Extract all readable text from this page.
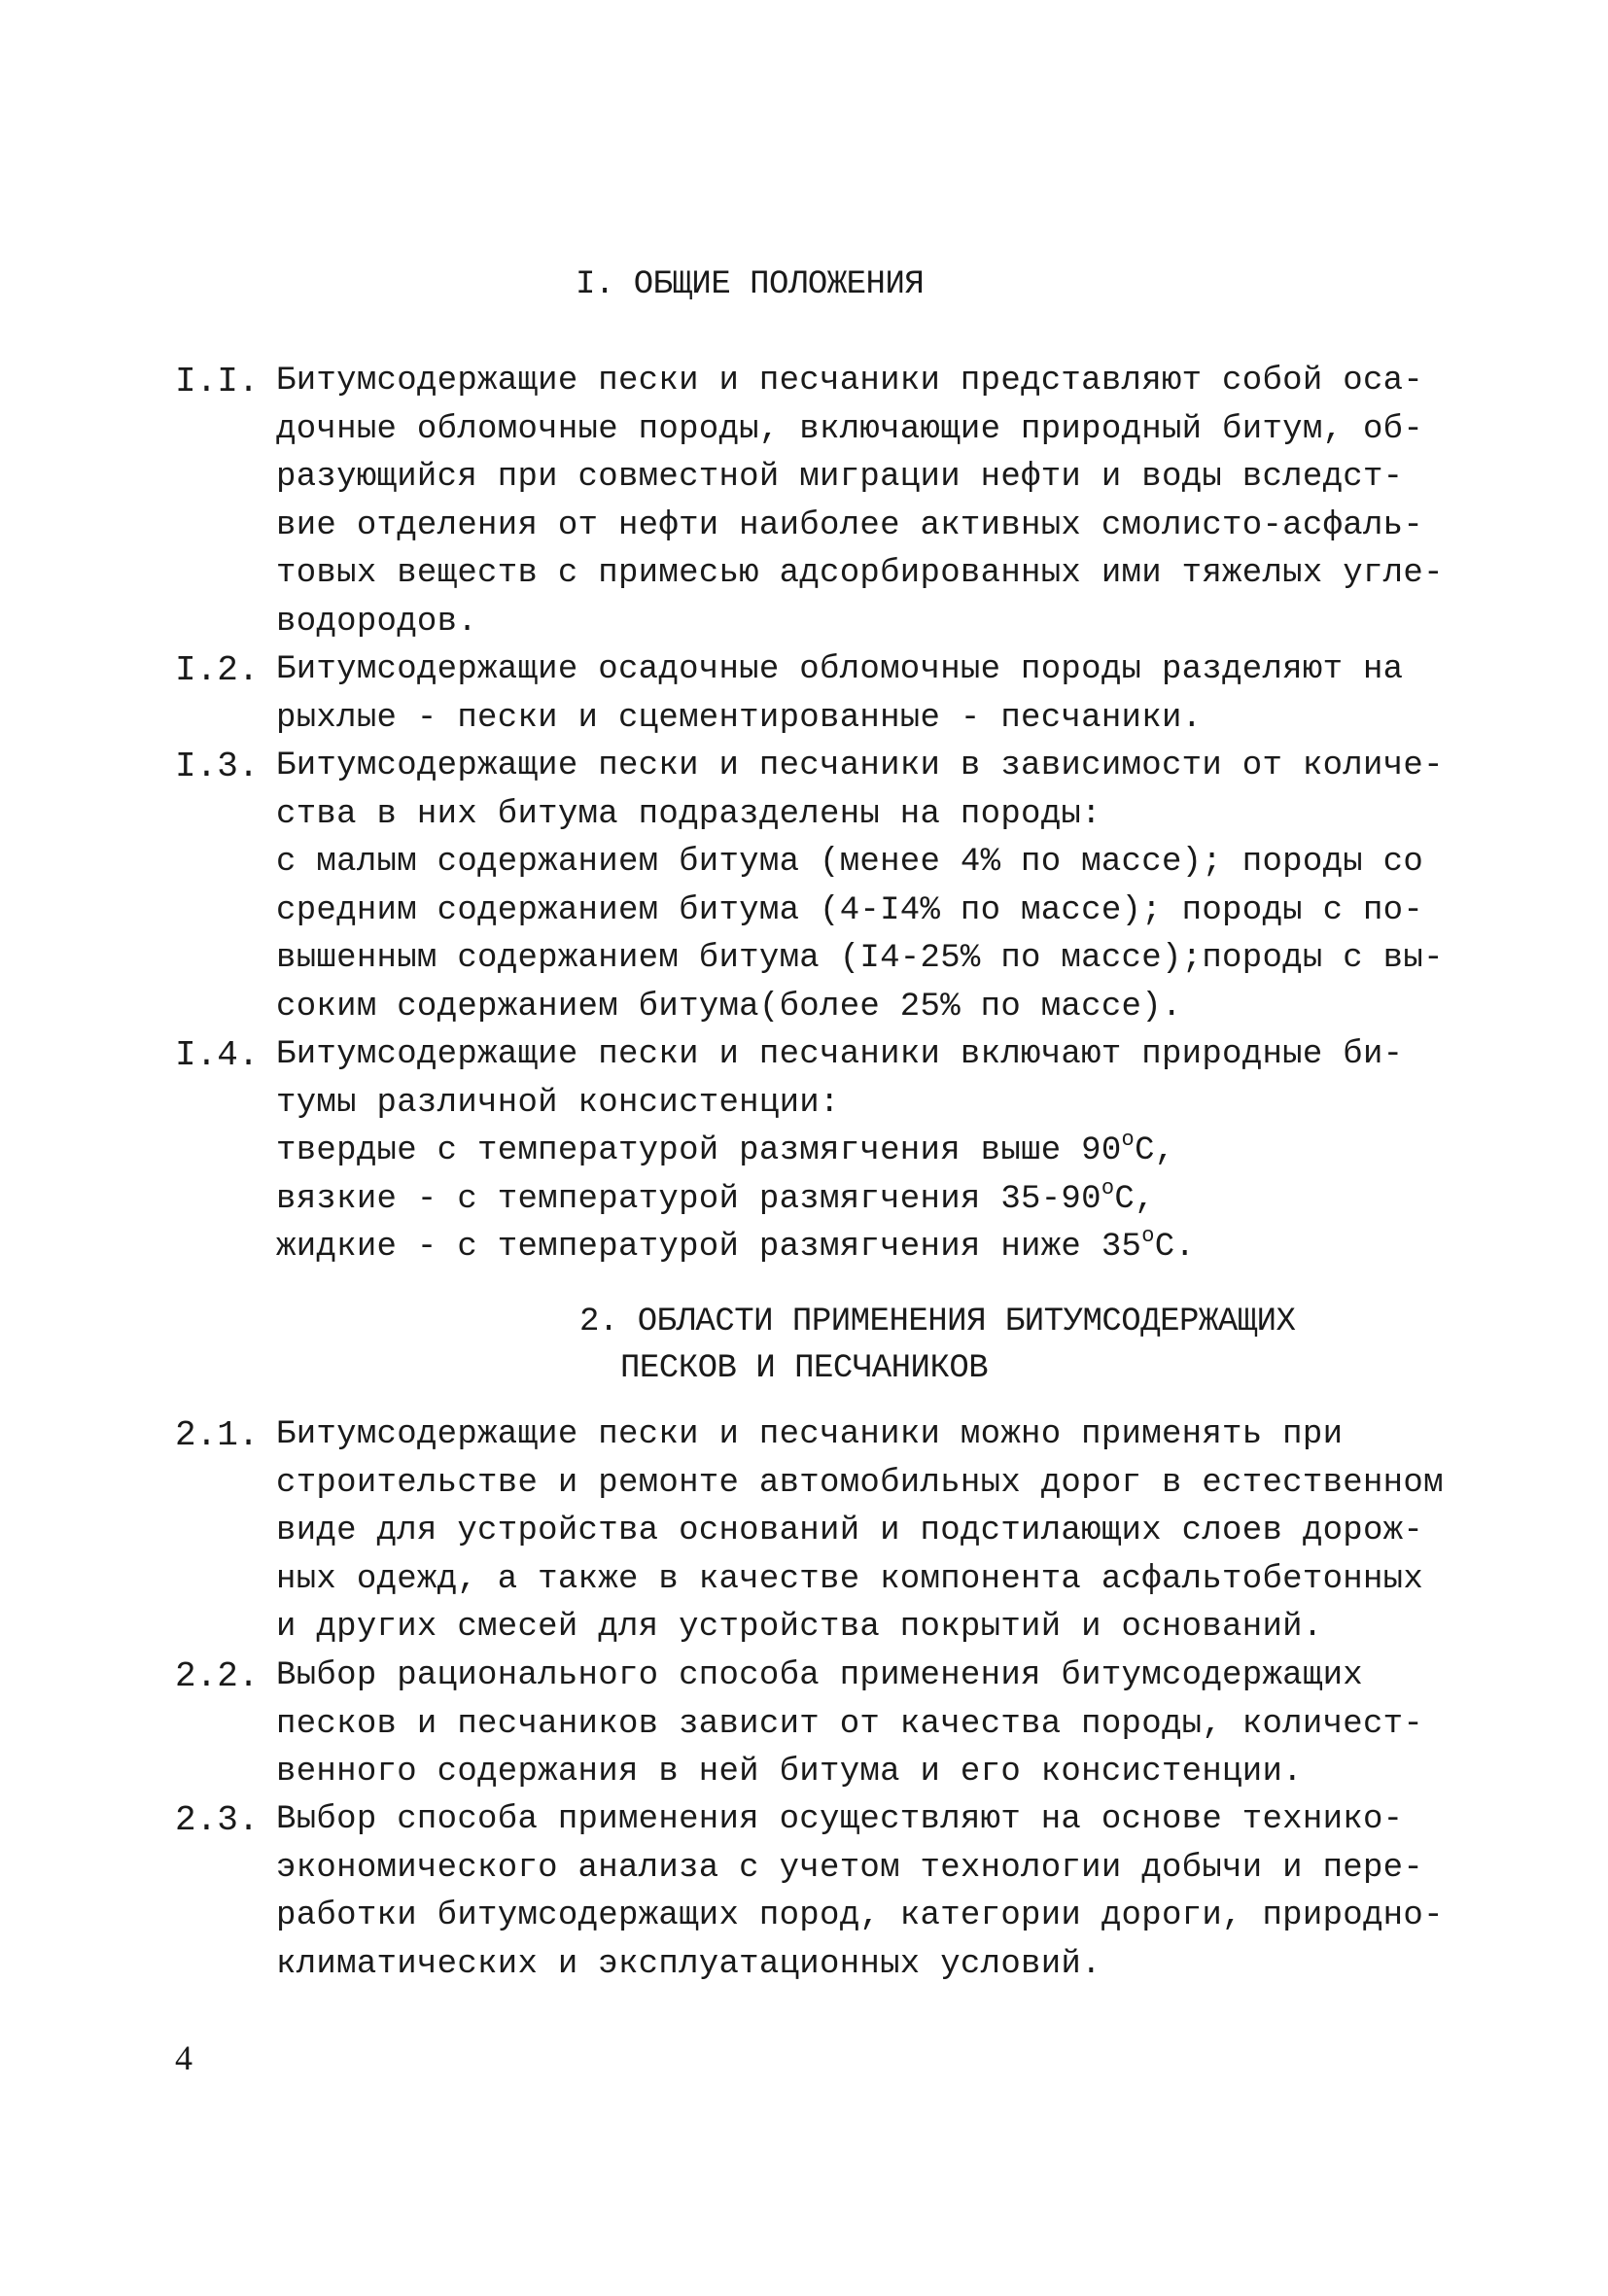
I. ОБЩИЕ ПОЛОЖЕНИЯ
I.I. Битумсодержащие пески и песчаники представляют собой оса-
дочные обломочные породы, включающие природный битум, об-
разующийся при совместной миграции нефти и воды вследст-
вие отделения от нефти наиболее активных смолисто-асфаль-
товых веществ с примесью адсорбированных ими тяжелых угле-
водородов.
I.2. Битумсодержащие осадочные обломочные породы разделяют на
рыхлые - пески и сцементированные - песчаники.
I.3. Битумсодержащие пески и песчаники в зависимости от количе-
ства в них битума подразделены на породы:
с малым содержанием битума (менее 4% по массе); породы со
средним содержанием битума (4-I4% по массе); породы с по-
вышенным содержанием битума (I4-25% по массе);породы с вы-
соким содержанием битума(более 25% по массе).
I.4. Битумсодержащие пески и песчаники включают природные би-
тумы различной консистенции:
твердые с температурой размягчения выше 90$^o$C,
вязкие - с температурой размягчения 35-90$^o$C,
жидкие - с температурой размягчения ниже 35$^o$C.
2. ОБЛАСТИ ПРИМЕНЕНИЯ БИТУМСОДЕРЖАЩИХ
ПЕСКОВ И ПЕСЧАНИКОВ
2.1. Битумсодержащие пески и песчаники можно применять при
строительстве и ремонте автомобильных дорог в естественном
виде для устройства оснований и подстилающих слоев дорож-
ных одежд, а также в качестве компонента асфальтобетонных
и других смесей для устройства покрытий и оснований.
2.2. Выбор рационального способа применения битумсодержащих
песков и песчаников зависит от качества породы, количест-
венного содержания в ней битума и его консистенции.
2.3. Выбор способа применения осуществляют на основе технико-
экономического анализа с учетом технологии добычи и пере-
работки битумсодержащих пород, категории дороги, природно-
климатических и эксплуатационных условий.
4
